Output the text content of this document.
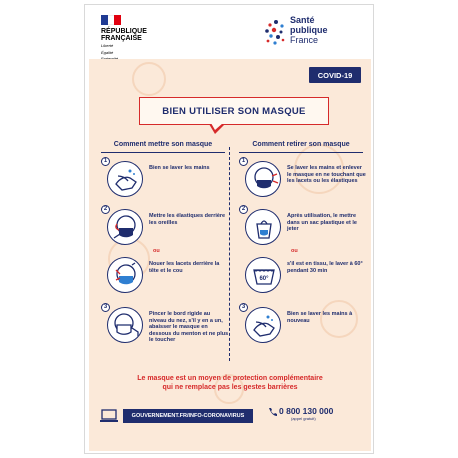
RÉPUBLIQUE
FRANÇAISE
Liberté
Égalité
Santé
publique
France
COVID-19
BIEN UTILISER SON MASQUE
Comment mettre son masque
1
Bien se laver les mains
2
Mettre les élastiques derrière les oreilles
ou
Nouer les lacets derrière la tête et le cou
3
Pincer le bord rigide au niveau du nez, s'il y en a un, abaisser le masque en dessous du menton et ne plus le toucher
Comment retirer son masque
1
Se laver les mains et enlever le masque en ne touchant que les lacets ou les élastiques
2
Après utilisation, le mettre dans un sac plastique et le jeter
ou
60°
s'il est en tissu, le laver à 60° pendant 30 min
3
Bien se laver les mains à nouveau
Le masque est un moyen de protection complémentaire
qui ne remplace pas les gestes barrières
GOUVERNEMENT.FR/INFO-CORONAVIRUS	0 800 130 000
(appel gratuit)
